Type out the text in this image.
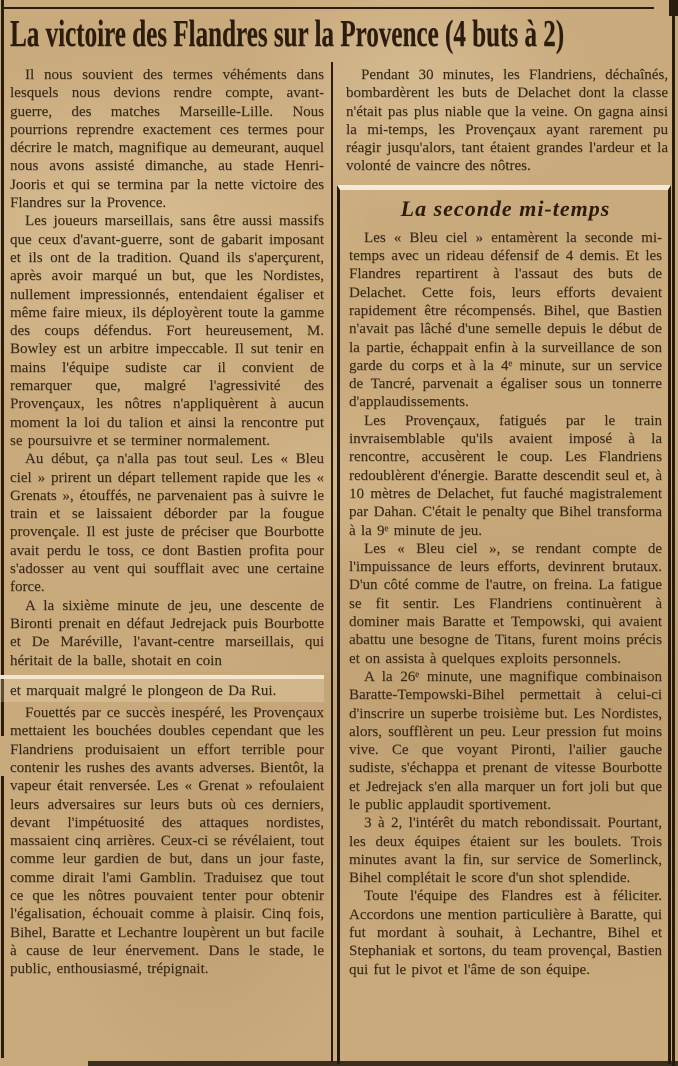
La victoire des Flandres sur la Provence (4 buts à 2)

Il nous souvient des termes véhéments dans lesquels nous devions rendre compte, avant-guerre, des matches Marseille-Lille. Nous pourrions reprendre exactement ces termes pour décrire le match, magnifique au demeurant, auquel nous avons assisté dimanche, au stade Henri-Jooris et qui se termina par la nette victoire des Flandres sur la Provence.

Les joueurs marseillais, sans être aussi massifs que ceux d'avant-guerre, sont de gabarit imposant et ils ont de la tradition. Quand ils s'aperçurent, après avoir marqué un but, que les Nordistes, nullement impressionnés, entendaient égaliser et même faire mieux, ils déployèrent toute la gamme des coups défendus. Fort heureusement, M. Bowley est un arbitre impeccable. Il sut tenir en mains l'équipe sudiste car il convient de remarquer que, malgré l'agressivité des Provençaux, les nôtres n'appliquèrent à aucun moment la loi du talion et ainsi la rencontre put se poursuivre et se terminer normalement.

Au début, ça n'alla pas tout seul. Les « Bleu ciel » prirent un départ tellement rapide que les « Grenats », étouffés, ne parvenaient pas à suivre le train et se laissaient déborder par la fougue provençale. Il est juste de préciser que Bourbotte avait perdu le toss, ce dont Bastien profita pour s'adosser au vent qui soufflait avec une certaine force.

A la sixième minute de jeu, une descente de Bironti prenait en défaut Jedrejack puis Bourbotte et De Maréville, l'avant-centre marseillais, qui héritait de la balle, shotait en coin

et marquait malgré le plongeon de Da Rui.

Fouettés par ce succès inespéré, les Provençaux mettaient les bouchées doubles cependant que les Flandriens produisaient un effort terrible pour contenir les rushes des avants adverses. Bientôt, la vapeur était renversée. Les « Grenat » refoulaient leurs adversaires sur leurs buts où ces derniers, devant l'impétuosité des attaques nordistes, massaient cinq arrières. Ceux-ci se révélaient, tout comme leur gardien de but, dans un jour faste, comme dirait l'ami Gamblin. Traduisez que tout ce que les nôtres pouvaient tenter pour obtenir l'égalisation, échouait comme à plaisir. Cinq fois, Bihel, Baratte et Lechantre loupèrent un but facile à cause de leur énervement. Dans le stade, le public, enthousiasmé, trépignait.

Pendant 30 minutes, les Flandriens, déchaînés, bombardèrent les buts de Delachet dont la classe n'était pas plus niable que la veine. On gagna ainsi la mi-temps, les Provençaux ayant rarement pu réagir jusqu'alors, tant étaient grandes l'ardeur et la volonté de vaincre des nôtres.

La seconde mi-temps

Les « Bleu ciel » entamèrent la seconde mi-temps avec un rideau défensif de 4 demis. Et les Flandres repartirent à l'assaut des buts de Delachet. Cette fois, leurs efforts devaient rapidement être récompensés. Bihel, que Bastien n'avait pas lâché d'une semelle depuis le début de la partie, échappait enfin à la surveillance de son garde du corps et à la 4ᵉ minute, sur un service de Tancré, parvenait a égaliser sous un tonnerre d'applaudissements.

Les Provençaux, fatigués par le train invraisemblable qu'ils avaient imposé à la rencontre, accusèrent le coup. Les Flandriens redoublèrent d'énergie. Baratte descendit seul et, à 10 mètres de Delachet, fut fauché magistralement par Dahan. C'était le penalty que Bihel transforma à la 9ᵉ minute de jeu.

Les « Bleu ciel », se rendant compte de l'impuissance de leurs efforts, devinrent brutaux. D'un côté comme de l'autre, on freina. La fatigue se fit sentir. Les Flandriens continuèrent à dominer mais Baratte et Tempowski, qui avaient abattu une besogne de Titans, furent moins précis et on assista à quelques exploits personnels.

A la 26ᵉ minute, une magnifique combinaison Baratte-Tempowski-Bihel permettait à celui-ci d'inscrire un superbe troisième but. Les Nordistes, alors, soufflèrent un peu. Leur pression fut moins vive. Ce que voyant Pironti, l'ailier gauche sudiste, s'échappa et prenant de vitesse Bourbotte et Jedrejack s'en alla marquer un fort joli but que le public applaudit sportivement.

3 à 2, l'intérêt du match rebondissait. Pourtant, les deux équipes étaient sur les boulets. Trois minutes avant la fin, sur service de Somerlinck, Bihel complétait le score d'un shot splendide.

Toute l'équipe des Flandres est à féliciter. Accordons une mention particulière à Baratte, qui fut mordant à souhait, à Lechantre, Bihel et Stephaniak et sortons, du team provençal, Bastien qui fut le pivot et l'âme de son équipe.
